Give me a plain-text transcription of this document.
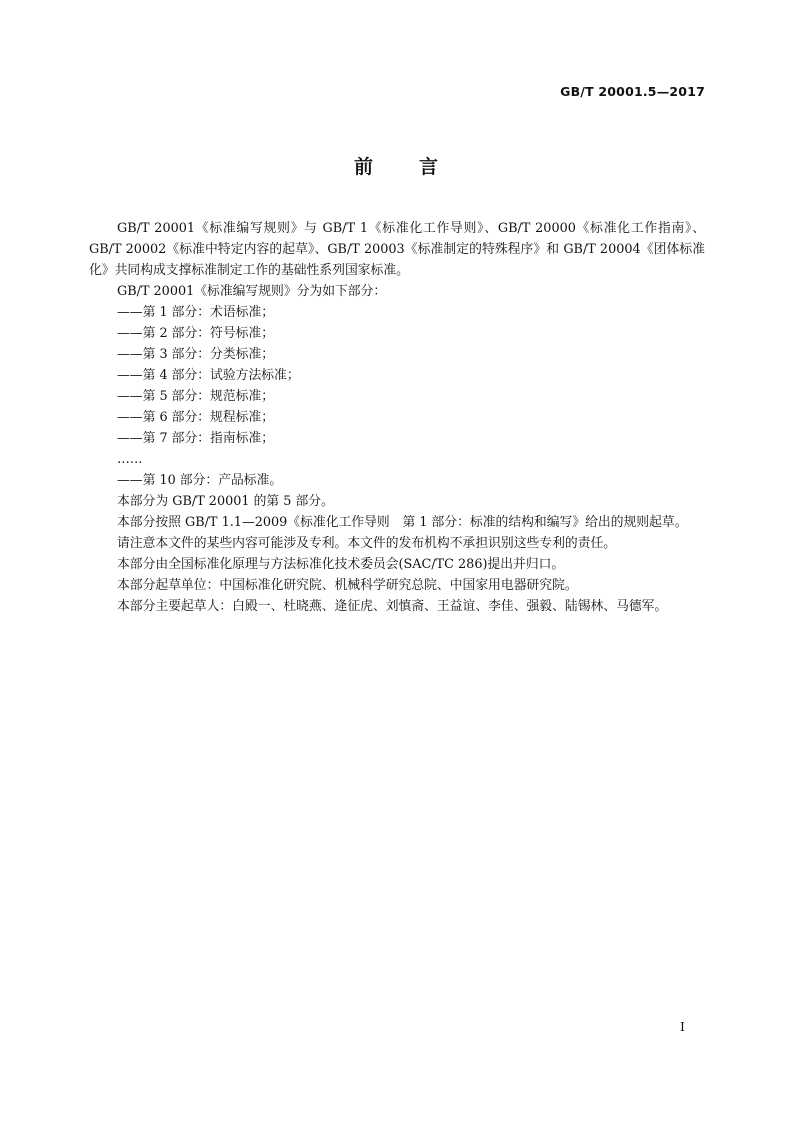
GB/T 20001.5—2017
前 言

GB/T 20001《标准编写规则》与 GB/T 1《标准化工作导则》、GB/T 20000《标准化工作指南》、GB/T 20002《标准中特定内容的起草》、GB/T 20003《标准制定的特殊程序》和 GB/T 20004《团体标准化》共同构成支撑标准制定工作的基础性系列国家标准。

GB/T 20001《标准编写规则》分为如下部分：

——第 1 部分：术语标准；

——第 2 部分：符号标准；

——第 3 部分：分类标准；

——第 4 部分：试验方法标准；

——第 5 部分：规范标准；

——第 6 部分：规程标准；

——第 7 部分：指南标准；

……

——第 10 部分：产品标准。

本部分为 GB/T 20001 的第 5 部分。

本部分按照 GB/T 1.1—2009《标准化工作导则　第 1 部分：标准的结构和编写》给出的规则起草。

请注意本文件的某些内容可能涉及专利。本文件的发布机构不承担识别这些专利的责任。

本部分由全国标准化原理与方法标准化技术委员会(SAC/TC 286)提出并归口。

本部分起草单位：中国标准化研究院、机械科学研究总院、中国家用电器研究院。

本部分主要起草人：白殿一、杜晓燕、逄征虎、刘慎斋、王益谊、李佳、强毅、陆锡林、马德军。

I
